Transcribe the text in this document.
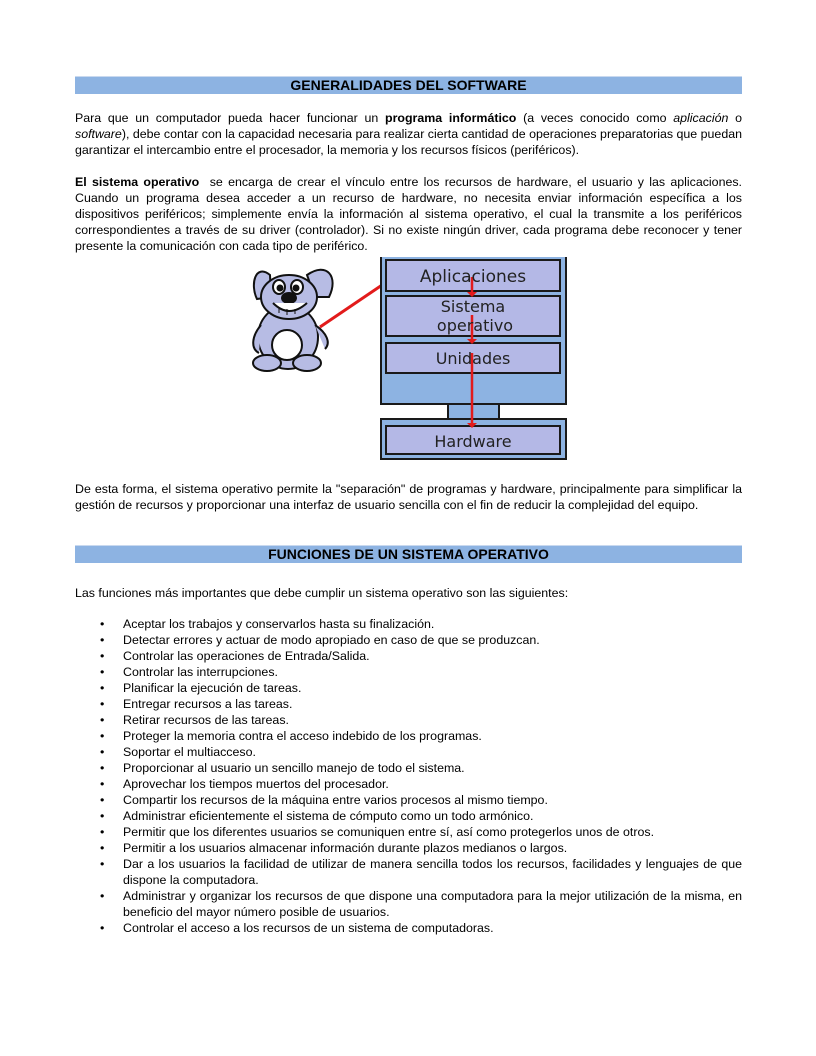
GENERALIDADES DEL SOFTWARE

Para que un computador pueda hacer funcionar un programa informático (a veces conocido como aplicación o software), debe contar con la capacidad necesaria para realizar cierta cantidad de operaciones preparatorias que puedan garantizar el intercambio entre el procesador, la memoria y los recursos físicos (periféricos).

El sistema operativo  se encarga de crear el vínculo entre los recursos de hardware, el usuario y las aplicaciones. Cuando un programa desea acceder a un recurso de hardware, no necesita enviar información específica a los dispositivos periféricos; simplemente envía la información al sistema operativo, el cual la transmite a los periféricos correspondientes a través de su driver (controlador). Si no existe ningún driver, cada programa debe reconocer y tener presente la comunicación con cada tipo de periférico.

Aplicaciones
Sistema
operativo
Unidades
Hardware

De esta forma, el sistema operativo permite la "separación" de programas y hardware, principalmente para simplificar la gestión de recursos y proporcionar una interfaz de usuario sencilla con el fin de reducir la complejidad del equipo.

FUNCIONES DE UN SISTEMA OPERATIVO

Las funciones más importantes que debe cumplir un sistema operativo son las siguientes:

• Aceptar los trabajos y conservarlos hasta su finalización.
• Detectar errores y actuar de modo apropiado en caso de que se produzcan.
• Controlar las operaciones de Entrada/Salida.
• Controlar las interrupciones.
• Planificar la ejecución de tareas.
• Entregar recursos a las tareas.
• Retirar recursos de las tareas.
• Proteger la memoria contra el acceso indebido de los programas.
• Soportar el multiacceso.
• Proporcionar al usuario un sencillo manejo de todo el sistema.
• Aprovechar los tiempos muertos del procesador.
• Compartir los recursos de la máquina entre varios procesos al mismo tiempo.
• Administrar eficientemente el sistema de cómputo como un todo armónico.
• Permitir que los diferentes usuarios se comuniquen entre sí, así como protegerlos unos de otros.
• Permitir a los usuarios almacenar información durante plazos medianos o largos.
• Dar a los usuarios la facilidad de utilizar de manera sencilla todos los recursos, facilidades y lenguajes de que dispone la computadora.
• Administrar y organizar los recursos de que dispone una computadora para la mejor utilización de la misma, en beneficio del mayor número posible de usuarios.
• Controlar el acceso a los recursos de un sistema de computadoras.
